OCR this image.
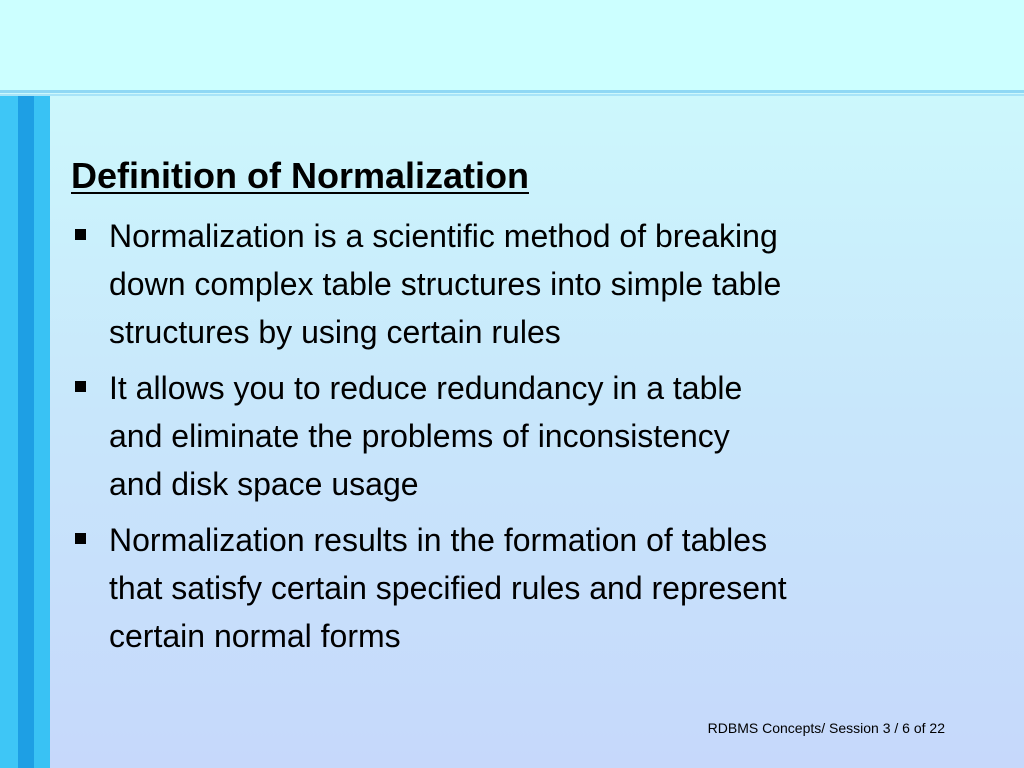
Definition of Normalization
Normalization is a scientific method of breaking
down complex table structures into simple table
structures by using certain rules
It allows you to reduce redundancy in a table
and eliminate the problems of inconsistency
and disk space usage
Normalization results in the formation of tables
that satisfy certain specified rules and represent
certain normal forms
RDBMS Concepts/ Session 3 / 6 of 22
